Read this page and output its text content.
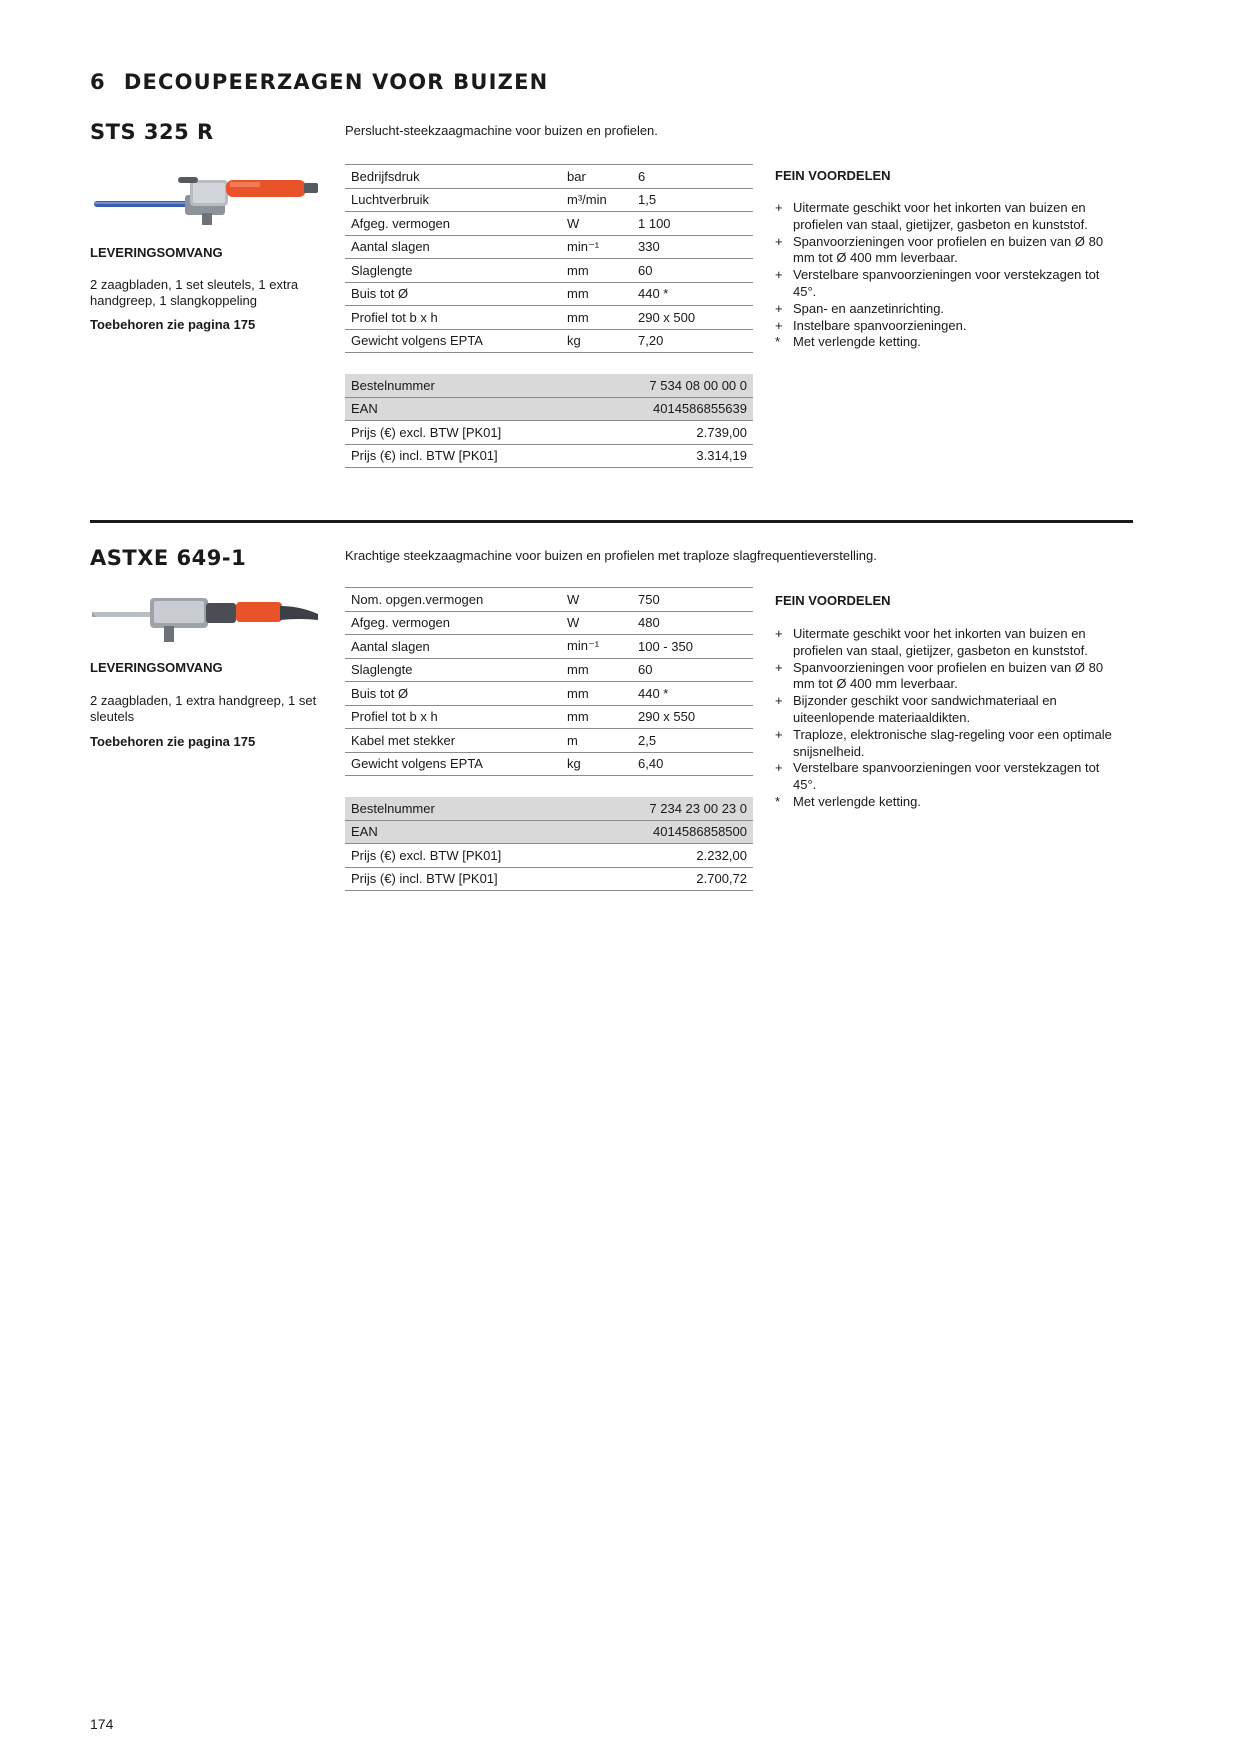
6 DECOUPEERZAGEN VOOR BUIZEN
STS 325 R	Perslucht-steekzaagmachine voor buizen en profielen.
LEVERINGSOMVANG
2 zaagbladen, 1 set sleutels, 1 extra handgreep, 1 slangkoppeling
Toebehoren zie pagina 175
Bedrijfsdruk	bar	6
Luchtverbruik	m³/min	1,5
Afgeg. vermogen	W	1 100
Aantal slagen	min⁻¹	330
Slaglengte	mm	60
Buis tot Ø	mm	440 *
Profiel tot b x h	mm	290 x 500
Gewicht volgens EPTA	kg	7,20
Bestelnummer	7 534 08 00 00 0
EAN	4014586855639
Prijs (€) excl. BTW [PK01]	2.739,00
Prijs (€) incl. BTW [PK01]	3.314,19
FEIN VOORDELEN
+ Uitermate geschikt voor het inkorten van buizen en profielen van staal, gietijzer, gasbeton en kunststof.
+ Spanvoorzieningen voor profielen en buizen van Ø 80 mm tot Ø 400 mm leverbaar.
+ Verstelbare spanvoorzieningen voor verstekzagen tot 45°.
+ Span- en aanzetinrichting.
+ Instelbare spanvoorzieningen.
* Met verlengde ketting.
ASTXE 649-1	Krachtige steekzaagmachine voor buizen en profielen met traploze slagfrequentieverstelling.
LEVERINGSOMVANG
2 zaagbladen, 1 extra handgreep, 1 set sleutels
Toebehoren zie pagina 175
Nom. opgen.vermogen	W	750
Afgeg. vermogen	W	480
Aantal slagen	min⁻¹	100 - 350
Slaglengte	mm	60
Buis tot Ø	mm	440 *
Profiel tot b x h	mm	290 x 550
Kabel met stekker	m	2,5
Gewicht volgens EPTA	kg	6,40
Bestelnummer	7 234 23 00 23 0
EAN	4014586858500
Prijs (€) excl. BTW [PK01]	2.232,00
Prijs (€) incl. BTW [PK01]	2.700,72
FEIN VOORDELEN
+ Uitermate geschikt voor het inkorten van buizen en profielen van staal, gietijzer, gasbeton en kunststof.
+ Spanvoorzieningen voor profielen en buizen van Ø 80 mm tot Ø 400 mm leverbaar.
+ Bijzonder geschikt voor sandwichmateriaal en uiteenlopende materiaaldikten.
+ Traploze, elektronische slag-regeling voor een optimale snijsnelheid.
+ Verstelbare spanvoorzieningen voor verstekzagen tot 45°.
* Met verlengde ketting.
174
